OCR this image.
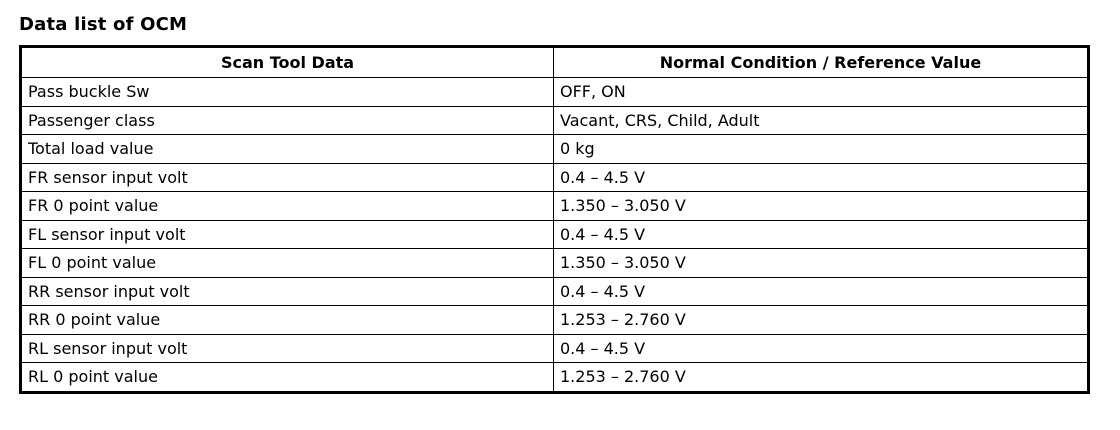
Data list of OCM
Scan Tool Data	Normal Condition / Reference Value
Pass buckle Sw	OFF, ON
Passenger class	Vacant, CRS, Child, Adult
Total load value	0 kg
FR sensor input volt	0.4 – 4.5 V
FR 0 point value	1.350 – 3.050 V
FL sensor input volt	0.4 – 4.5 V
FL 0 point value	1.350 – 3.050 V
RR sensor input volt	0.4 – 4.5 V
RR 0 point value	1.253 – 2.760 V
RL sensor input volt	0.4 – 4.5 V
RL 0 point value	1.253 – 2.760 V
